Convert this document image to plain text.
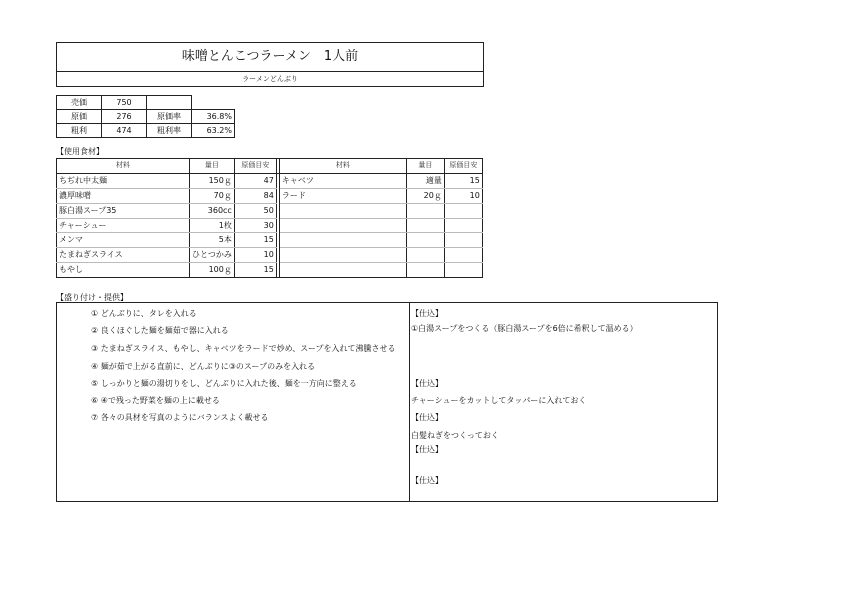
味噌とんこつラーメン　1人前
ラーメンどんぶり
売価	750		
原価	276	原価率	36.8%
粗利	474	粗利率	63.2%
【使用食材】
材料	量目	原価目安		材料	量目	原価目安
ちぢれ中太麺	150ｇ	47		キャベツ	適量	15
濃厚味噌	70ｇ	84		ラード	20ｇ	10
豚白湯スープ35	360cc	50				
チャーシュー	1枚	30				
メンマ	5本	15				
たまねぎスライス	ひとつかみ	10				
もやし	100ｇ	15				
【盛り付け・提供】
① どんぶりに、タレを入れる
② 良くほぐした麺を麺茹で器に入れる
③ たまねぎスライス、もやし、キャベツをラードで炒め、スープを入れて沸騰させる
④ 麺が茹で上がる直前に、どんぶりに③のスープのみを入れる
⑤ しっかりと麺の湯切りをし、どんぶりに入れた後、麺を一方向に整える
⑥ ④で残った野菜を麺の上に載せる
⑦ 各々の具材を写真のようにバランスよく載せる
【仕込】
①白湯スープをつくる（豚白湯スープを6倍に希釈して温める）
【仕込】
チャーシューをカットしてタッパーに入れておく
【仕込】
白髪ねぎをつくっておく
【仕込】
【仕込】
